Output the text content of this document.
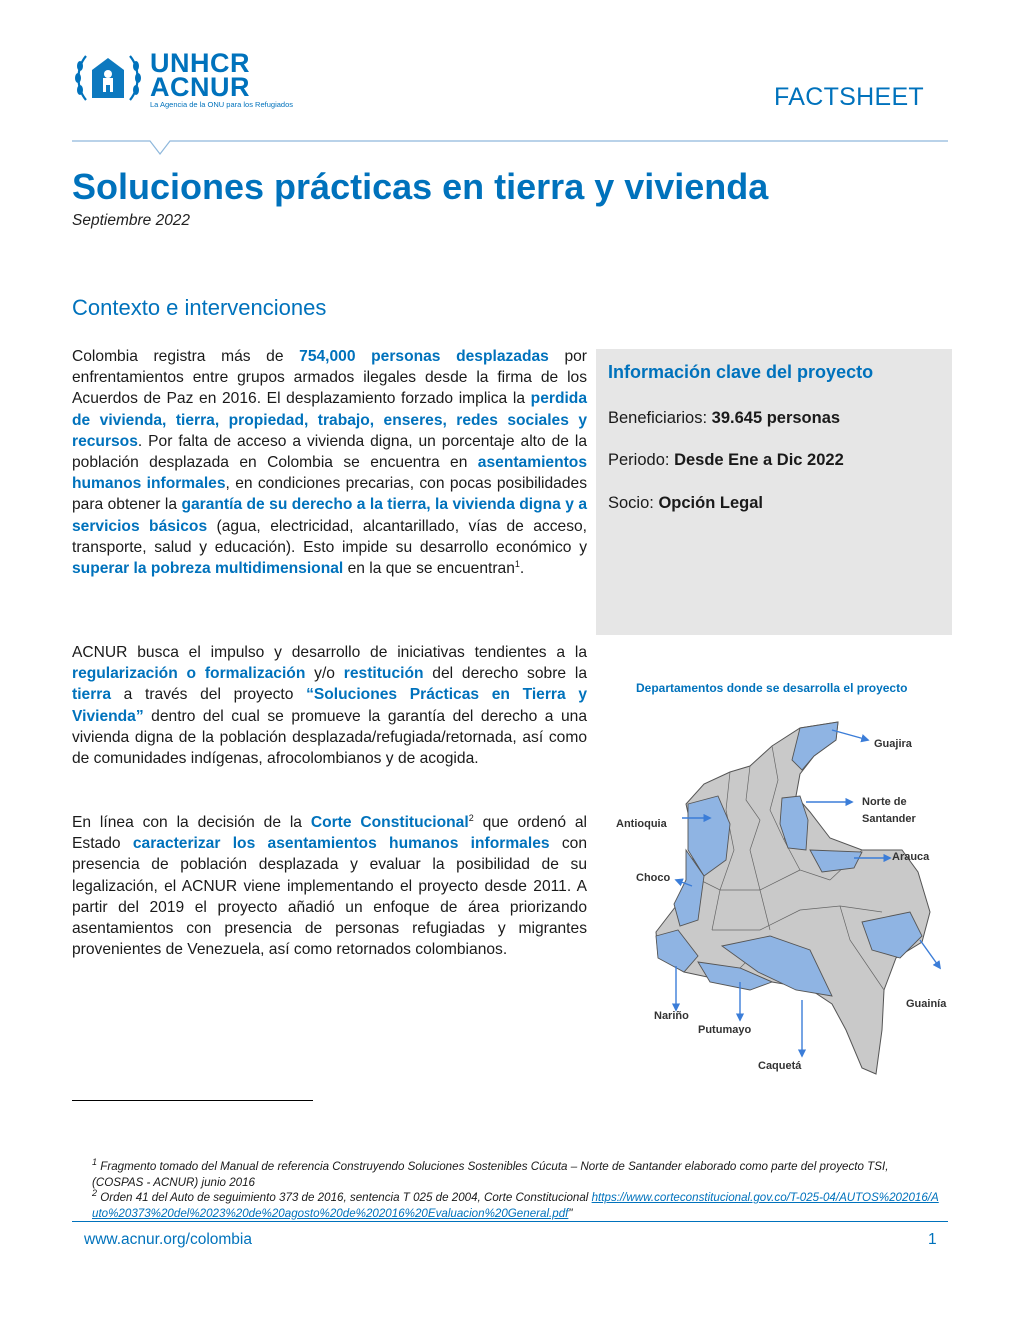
UNHCR
ACNUR
La Agencia de la ONU para los Refugiados	FACTSHEET
Soluciones prácticas en tierra y vivienda
Septiembre 2022
Contexto e intervenciones
Colombia registra más de 754,000 personas desplazadas por enfrentamientos entre grupos armados ilegales desde la firma de los Acuerdos de Paz en 2016. El desplazamiento forzado implica la perdida de vivienda, tierra, propiedad, trabajo, enseres, redes sociales y recursos. Por falta de acceso a vivienda digna, un porcentaje alto de la población desplazada en Colombia se encuentra en asentamientos humanos informales, en condiciones precarias, con pocas posibilidades para obtener la garantía de su derecho a la tierra, la vivienda digna y a servicios básicos (agua, electricidad, alcantarillado, vías de acceso, transporte, salud y educación). Esto impide su desarrollo económico y superar la pobreza multidimensional en la que se encuentran$^1$.
ACNUR busca el impulso y desarrollo de iniciativas tendientes a la regularización o formalización y/o restitución del derecho sobre la tierra a través del proyecto “Soluciones Prácticas en Tierra y Vivienda” dentro del cual se promueve la garantía del derecho a una vivienda digna de la población desplazada/refugiada/retornada, así como de comunidades indígenas, afrocolombianos y de acogida.
En línea con la decisión de la Corte Constitucional$^2$ que ordenó al Estado caracterizar los asentamientos humanos informales con presencia de población desplazada y evaluar la posibilidad de su legalización, el ACNUR viene implementando el proyecto desde 2011. A partir del 2019 el proyecto añadió un enfoque de área priorizando asentamientos con presencia de personas refugiadas y migrantes provenientes de Venezuela, así como retornados colombianos.
Información clave del proyecto
Beneficiarios: 39.645 personas
Periodo: Desde Ene a Dic 2022
Socio: Opción Legal
Departamentos donde se desarrolla el proyecto
Guajira
Norte de
Santander
Antioquia
Arauca
Choco
Guainía
Nariño
Putumayo
Caquetá
$^1$ Fragmento tomado del Manual de referencia Construyendo Soluciones Sostenibles Cúcuta – Norte de Santander elaborado como parte del proyecto TSI, (COSPAS - ACNUR) junio 2016
$^2$ Orden 41 del Auto de seguimiento 373 de 2016, sentencia T 025 de 2004, Corte Constitucional https://www.corteconstitucional.gov.co/T-025-04/AUTOS%202016/Auto%20373%20del%2023%20de%20agosto%20de%202016%20Evaluacion%20General.pdf"
www.acnur.org/colombia	1
